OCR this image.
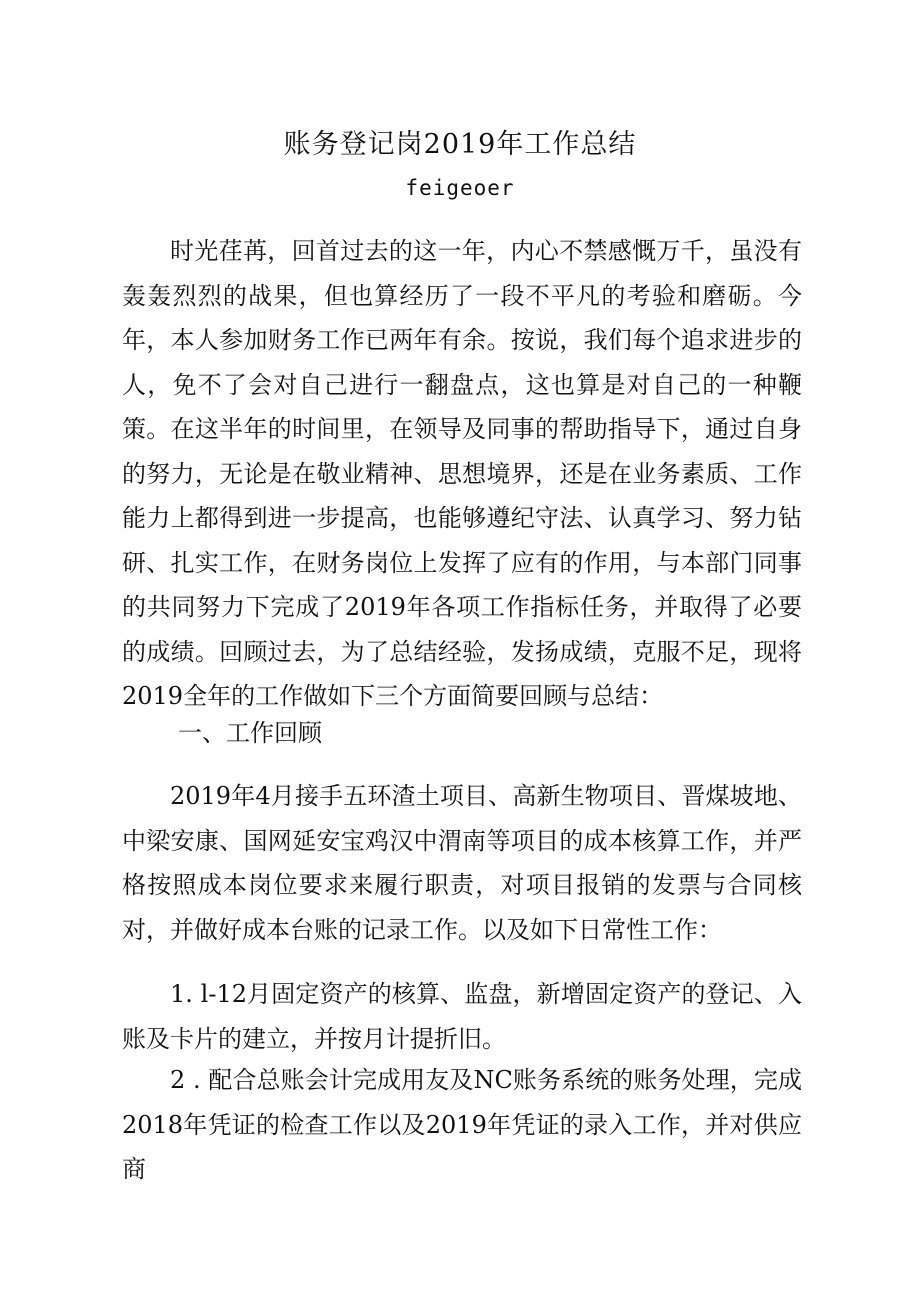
账务登记岗2019年工作总结

feigeoer

时光荏苒，回首过去的这一年，内心不禁感慨万千，虽没有轰轰烈烈的战果，但也算经历了一段不平凡的考验和磨砺。今年，本人参加财务工作已两年有余。按说，我们每个追求进步的人，免不了会对自己进行一翻盘点，这也算是对自己的一种鞭策。在这半年的时间里，在领导及同事的帮助指导下，通过自身的努力，无论是在敬业精神、思想境界，还是在业务素质、工作能力上都得到进一步提高，也能够遵纪守法、认真学习、努力钻研、扎实工作，在财务岗位上发挥了应有的作用，与本部门同事的共同努力下完成了2019年各项工作指标任务，并取得了必要的成绩。回顾过去，为了总结经验，发扬成绩，克服不足，现将2019全年的工作做如下三个方面简要回顾与总结：

一、工作回顾

2019年4月接手五环渣土项目、高新生物项目、晋煤坡地、中梁安康、国网延安宝鸡汉中渭南等项目的成本核算工作，并严格按照成本岗位要求来履行职责，对项目报销的发票与合同核对，并做好成本台账的记录工作。以及如下日常性工作：

1. l-12月固定资产的核算、监盘，新增固定资产的登记、入账及卡片的建立，并按月计提折旧。

2 . 配合总账会计完成用友及NC账务系统的账务处理，完成2018年凭证的检查工作以及2019年凭证的录入工作，并对供应商
